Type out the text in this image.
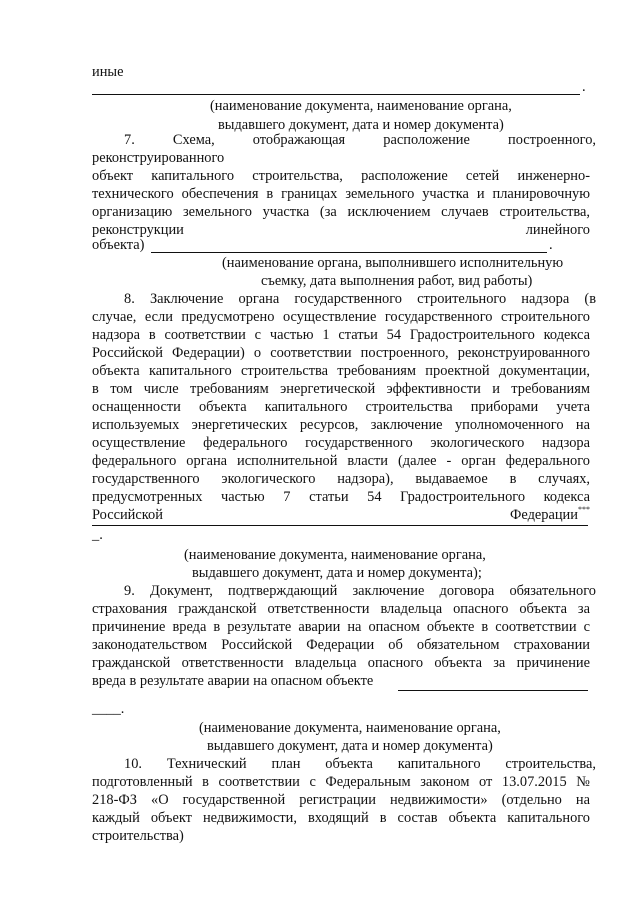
иные
.
(наименование документа, наименование органа,
выдавшего документ, дата и номер документа)
7. Схема, отображающая расположение построенного,
реконструированного
объект капитального строительства, расположение сетей инженерно-
технического обеспечения в границах земельного участка и планировочную
организацию земельного участка (за исключением случаев строительства,
реконструкции линейного
объекта)	.
(наименование органа, выполнившего исполнительную
съемку, дата выполнения работ, вид работы)
8. Заключение органа государственного строительного надзора (в
случае, если предусмотрено осуществление государственного строительного
надзора в соответствии с частью 1 статьи 54 Градостроительного кодекса
Российской Федерации) о соответствии построенного, реконструированного
объекта капитального строительства требованиям проектной документации,
в том числе требованиям энергетической эффективности и требованиям
оснащенности объекта капитального строительства приборами учета
используемых энергетических ресурсов, заключение уполномоченного на
осуществление федерального государственного экологического надзора
федерального органа исполнительной власти (далее - орган федерального
государственного экологического надзора), выдаваемое в случаях,
предусмотренных частью 7 статьи 54 Градостроительного кодекса
Российской	Федерации***
_.
(наименование документа, наименование органа,
выдавшего документ, дата и номер документа);
9. Документ, подтверждающий заключение договора обязательного
страхования гражданской ответственности владельца опасного объекта за
причинение вреда в результате аварии на опасном объекте в соответствии с
законодательством Российской Федерации об обязательном страховании
гражданской ответственности владельца опасного объекта за причинение
вреда в результате аварии на опасном объекте
____.
(наименование документа, наименование органа,
выдавшего документ, дата и номер документа)
10. Технический план объекта капитального строительства,
подготовленный в соответствии с Федеральным законом от 13.07.2015 №
218-ФЗ «О государственной регистрации недвижимости» (отдельно на
каждый объект недвижимости, входящий в состав объекта капитального
строительства)
